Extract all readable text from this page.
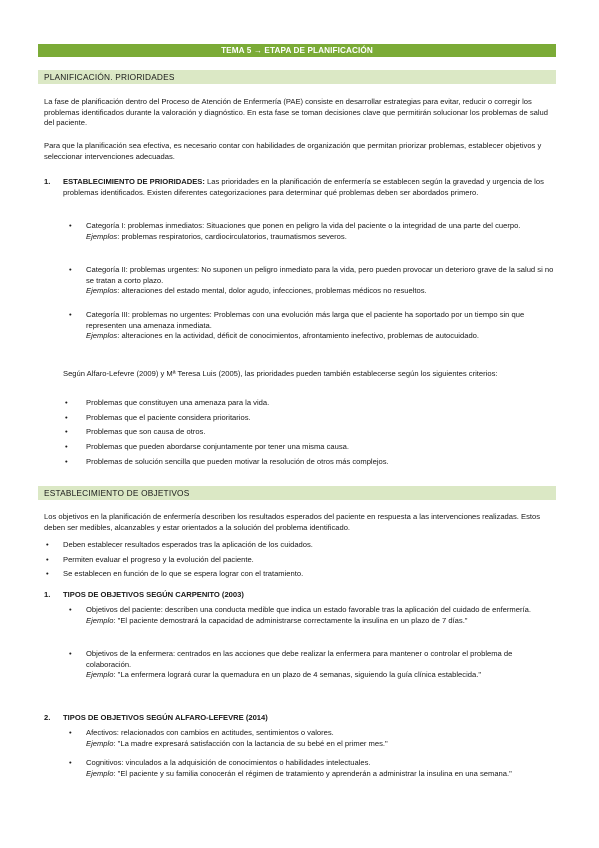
TEMA 5 → ETAPA DE PLANIFICACIÓN
PLANIFICACIÓN. PRIORIDADES
La fase de planificación dentro del Proceso de Atención de Enfermería (PAE) consiste en desarrollar estrategias para evitar, reducir o corregir los problemas identificados durante la valoración y diagnóstico. En esta fase se toman decisiones clave que permitirán solucionar los problemas de salud del paciente.
Para que la planificación sea efectiva, es necesario contar con habilidades de organización que permitan priorizar problemas, establecer objetivos y seleccionar intervenciones adecuadas.
1. ESTABLECIMIENTO DE PRIORIDADES: Las prioridades en la planificación de enfermería se establecen según la gravedad y urgencia de los problemas identificados. Existen diferentes categorizaciones para determinar qué problemas deben ser abordados primero.
• Categoría I: problemas inmediatos: Situaciones que ponen en peligro la vida del paciente o la integridad de una parte del cuerpo.
Ejemplos: problemas respiratorios, cardiocirculatorios, traumatismos severos.
• Categoría II: problemas urgentes: No suponen un peligro inmediato para la vida, pero pueden provocar un deterioro grave de la salud si no se tratan a corto plazo.
Ejemplos: alteraciones del estado mental, dolor agudo, infecciones, problemas médicos no resueltos.
• Categoría III: problemas no urgentes: Problemas con una evolución más larga que el paciente ha soportado por un tiempo sin que representen una amenaza inmediata.
Ejemplos: alteraciones en la actividad, déficit de conocimientos, afrontamiento inefectivo, problemas de autocuidado.
Según Alfaro-Lefevre (2009) y Mª Teresa Luis (2005), las prioridades pueden también establecerse según los siguientes criterios:
• Problemas que constituyen una amenaza para la vida.
• Problemas que el paciente considera prioritarios.
• Problemas que son causa de otros.
• Problemas que pueden abordarse conjuntamente por tener una misma causa.
• Problemas de solución sencilla que pueden motivar la resolución de otros más complejos.
ESTABLECIMIENTO DE OBJETIVOS
Los objetivos en la planificación de enfermería describen los resultados esperados del paciente en respuesta a las intervenciones realizadas. Estos deben ser medibles, alcanzables y estar orientados a la solución del problema identificado.
• Deben establecer resultados esperados tras la aplicación de los cuidados.
• Permiten evaluar el progreso y la evolución del paciente.
• Se establecen en función de lo que se espera lograr con el tratamiento.
1. TIPOS DE OBJETIVOS SEGÚN CARPENITO (2003)
• Objetivos del paciente: describen una conducta medible que indica un estado favorable tras la aplicación del cuidado de enfermería.
Ejemplo: "El paciente demostrará la capacidad de administrarse correctamente la insulina en un plazo de 7 días."
• Objetivos de la enfermera: centrados en las acciones que debe realizar la enfermera para mantener o controlar el problema de colaboración.
Ejemplo: "La enfermera logrará curar la quemadura en un plazo de 4 semanas, siguiendo la guía clínica establecida."
2. TIPOS DE OBJETIVOS SEGÚN ALFARO-LEFEVRE (2014)
• Afectivos: relacionados con cambios en actitudes, sentimientos o valores.
Ejemplo: "La madre expresará satisfacción con la lactancia de su bebé en el primer mes."
• Cognitivos: vinculados a la adquisición de conocimientos o habilidades intelectuales.
Ejemplo: "El paciente y su familia conocerán el régimen de tratamiento y aprenderán a administrar la insulina en una semana."
